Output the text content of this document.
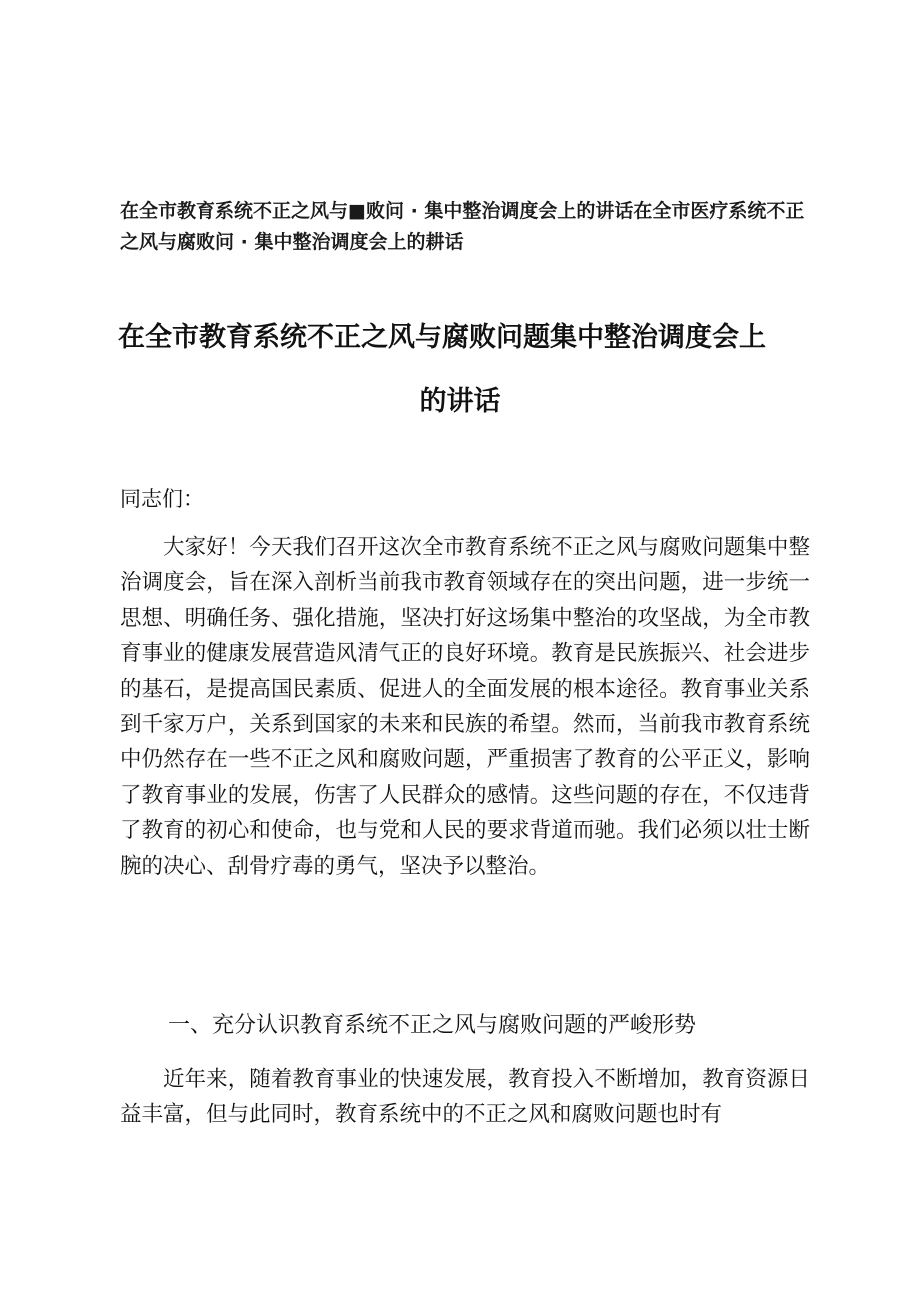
在全市教育系统不正之风与■败问 · 集中整治调度会上的讲话在全市医疗系统不正之风与腐败问 · 集中整治调度会上的耕话
在全市教育系统不正之风与腐败问题集中整治调度会上
的讲话
同志们：

大家好！今天我们召开这次全市教育系统不正之风与腐败问题集中整治调度会，旨在深入剖析当前我市教育领域存在的突出问题，进一步统一思想、明确任务、强化措施，坚决打好这场集中整治的攻坚战，为全市教育事业的健康发展营造风清气正的良好环境。教育是民族振兴、社会进步的基石，是提高国民素质、促进人的全面发展的根本途径。教育事业关系到千家万户，关系到国家的未来和民族的希望。然而，当前我市教育系统中仍然存在一些不正之风和腐败问题，严重损害了教育的公平正义，影响了教育事业的发展，伤害了人民群众的感情。这些问题的存在，不仅违背了教育的初心和使命，也与党和人民的要求背道而驰。我们必须以壮士断腕的决心、刮骨疗毒的勇气，坚决予以整治。

一、充分认识教育系统不正之风与腐败问题的严峻形势

近年来，随着教育事业的快速发展，教育投入不断增加，教育资源日益丰富，但与此同时，教育系统中的不正之风和腐败问题也时有
